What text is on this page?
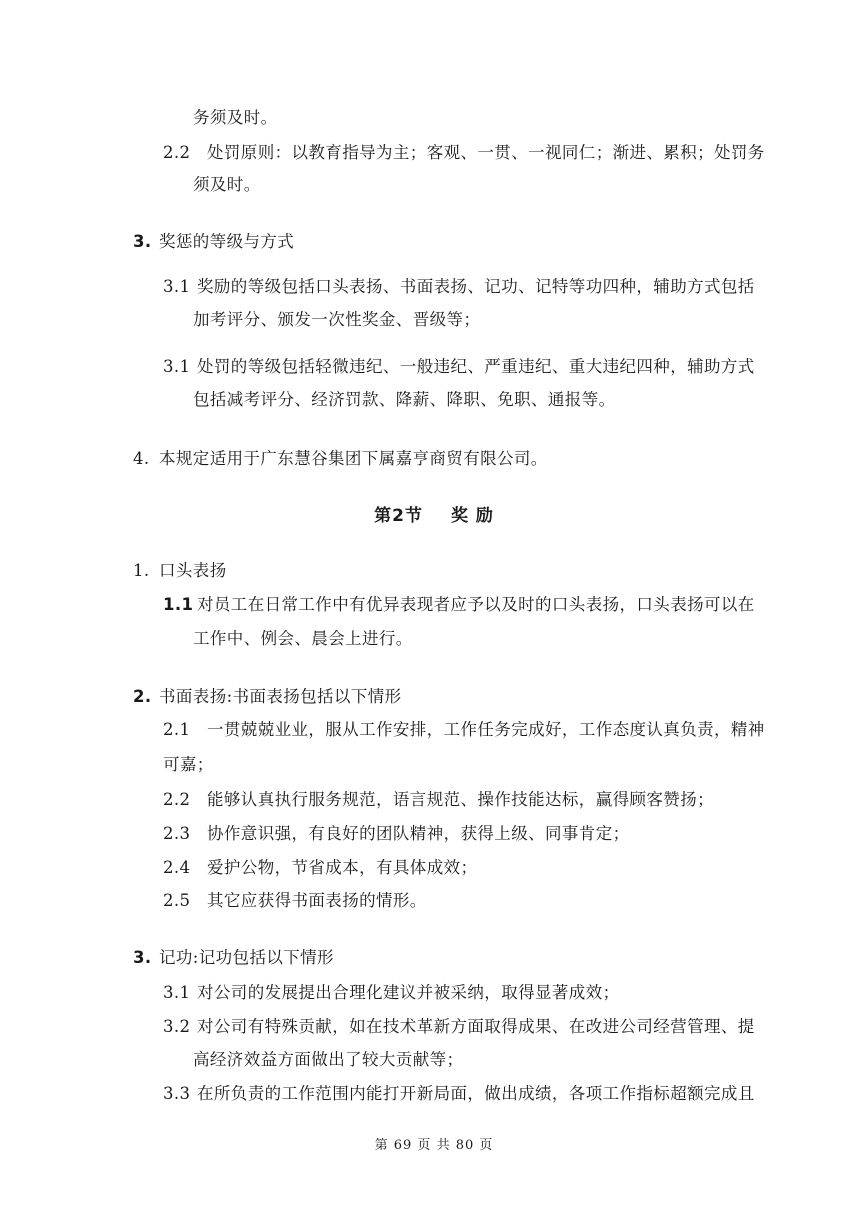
第2节 奖 励
第 69 页 共 80 页
务须及时。
2.2 处罚原则：以教育指导为主；客观、一贯、一视同仁；渐进、累积；处罚务
须及时。
3. 奖惩的等级与方式
3.1 奖励的等级包括口头表扬、书面表扬、记功、记特等功四种，辅助方式包括
加考评分、颁发一次性奖金、晋级等；
3.1 处罚的等级包括轻微违纪、一般违纪、严重违纪、重大违纪四种，辅助方式
包括减考评分、经济罚款、降薪、降职、免职、通报等。
4. 本规定适用于广东慧谷集团下属嘉亨商贸有限公司。
1. 口头表扬
1.1 对员工在日常工作中有优异表现者应予以及时的口头表扬，口头表扬可以在
工作中、例会、晨会上进行。
2. 书面表扬:书面表扬包括以下情形
2.1 一贯兢兢业业，服从工作安排，工作任务完成好，工作态度认真负责，精神
可嘉；
2.2 能够认真执行服务规范，语言规范、操作技能达标，赢得顾客赞扬；
2.3 协作意识强，有良好的团队精神，获得上级、同事肯定；
2.4 爱护公物，节省成本，有具体成效；
2.5 其它应获得书面表扬的情形。
3. 记功:记功包括以下情形
3.1 对公司的发展提出合理化建议并被采纳，取得显著成效；
3.2 对公司有特殊贡献，如在技术革新方面取得成果、在改进公司经营管理、提
高经济效益方面做出了较大贡献等；
3.3 在所负责的工作范围内能打开新局面，做出成绩，各项工作指标超额完成且
